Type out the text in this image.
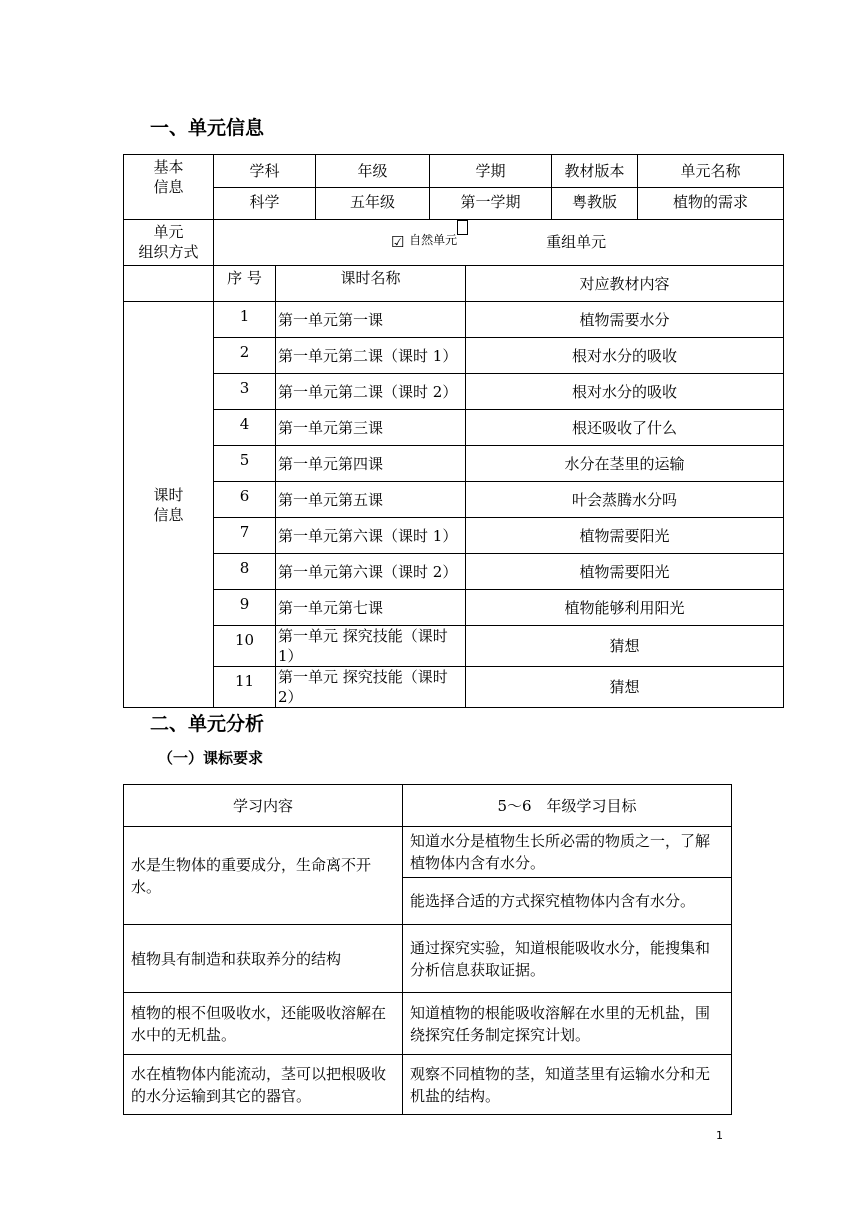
一、单元信息
基本
信息	学科		年级	学期		教材版本	单元名称
	科学		五年级	第一学期		粤教版	植物的需求
单元
组织方式	☑ $^{自然单元}$ 重组单元						
	序 号	课时名称			对应教材内容		
课时
信息	1	第一单元第一课			植物需要水分		
	2	第一单元第二课（课时 1）			根对水分的吸收		
	3	第一单元第二课（课时 2）			根对水分的吸收		
	4	第一单元第三课			根还吸收了什么		
	5	第一单元第四课			水分在茎里的运输		
	6	第一单元第五课			叶会蒸腾水分吗		
	7	第一单元第六课（课时 1）			植物需要阳光		
	8	第一单元第六课（课时 2）			植物需要阳光		
	9	第一单元第七课			植物能够利用阳光		
	10	第一单元 探究技能（课时 1）			猜想		
	11	第一单元 探究技能（课时 2）			猜想		
二、单元分析
（一）课标要求
学习内容	5～6　年级学习目标
水是生物体的重要成分，生命离不开水。	知道水分是植物生长所必需的物质之一，了解植物体内含有水分。
	能选择合适的方式探究植物体内含有水分。
植物具有制造和获取养分的结构	通过探究实验，知道根能吸收水分，能搜集和分析信息获取证据。
植物的根不但吸收水，还能吸收溶解在水中的无机盐。	知道植物的根能吸收溶解在水里的无机盐，围绕探究任务制定探究计划。
水在植物体内能流动，茎可以把根吸收的水分运输到其它的器官。	观察不同植物的茎，知道茎里有运输水分和无机盐的结构。
1
